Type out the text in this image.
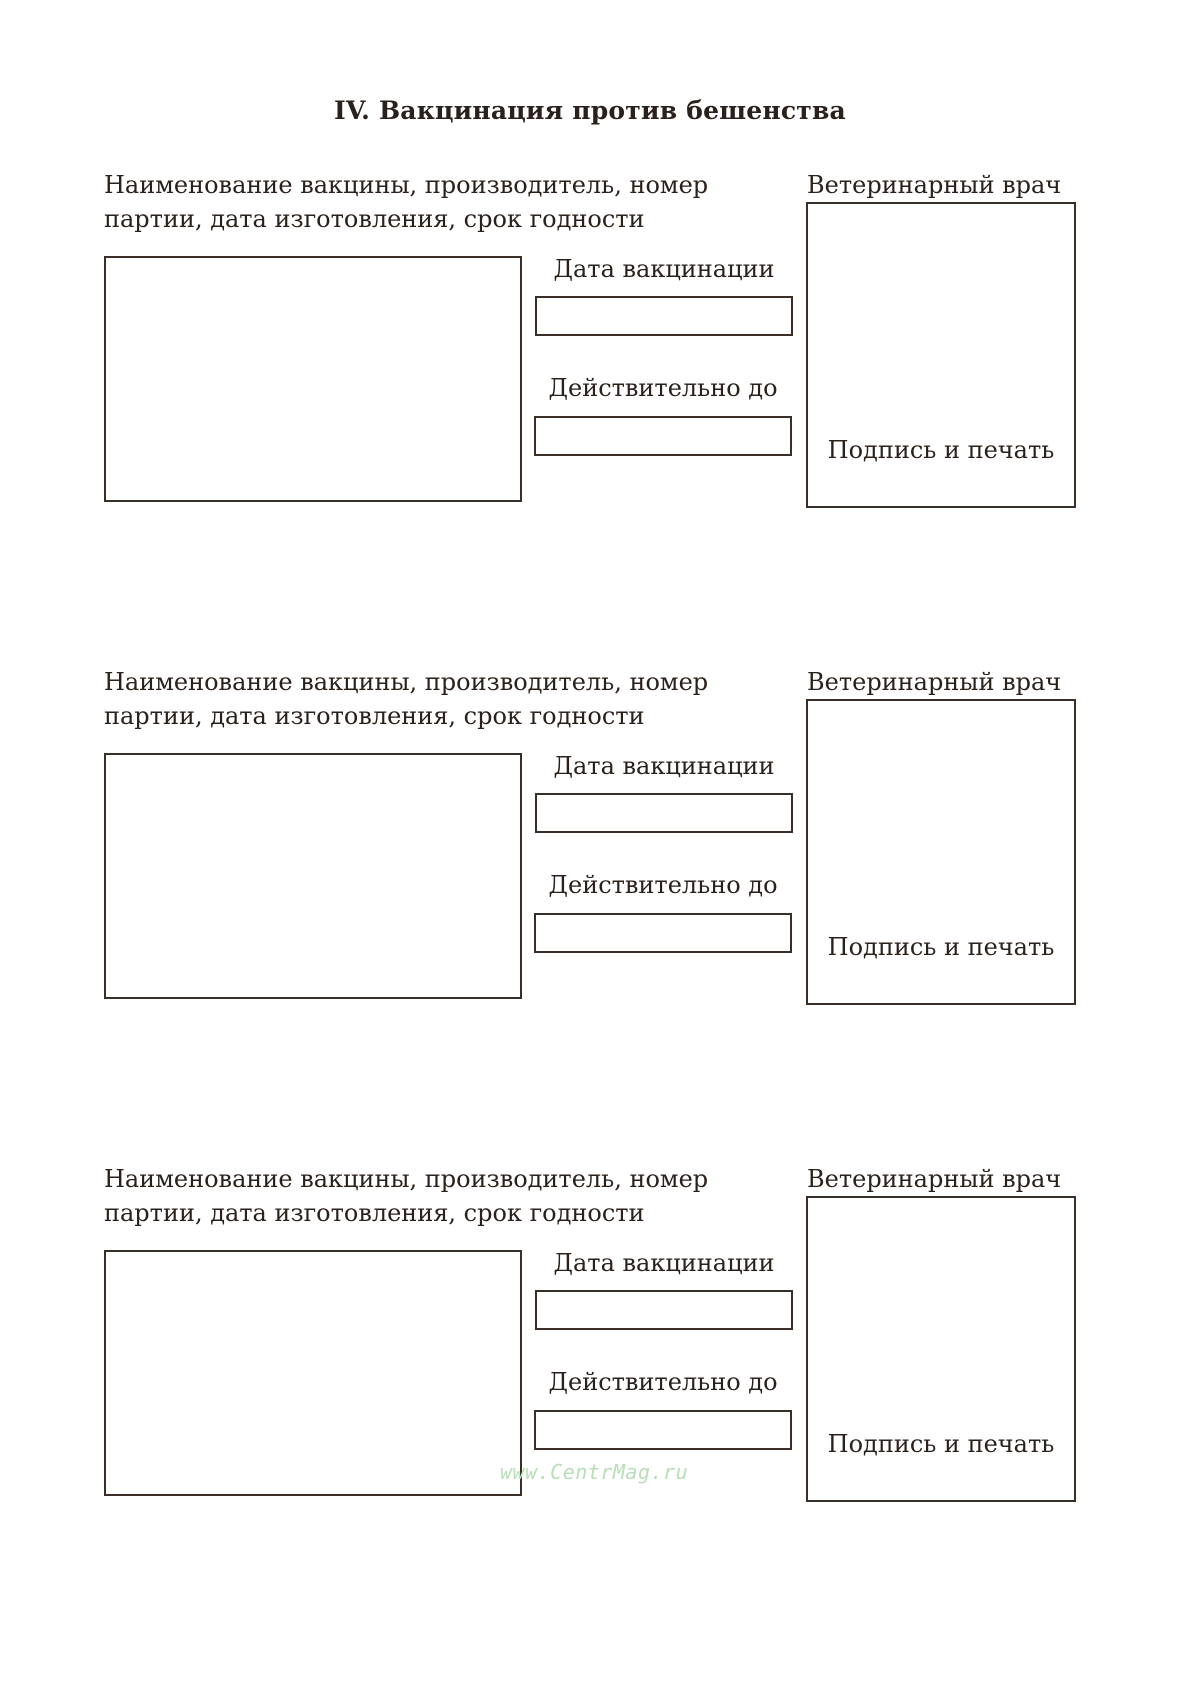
IV. Вакцинация против бешенства
Наименование вакцины, производитель, номер
партии, дата изготовления, срок годности
Ветеринарный врач
Дата вакцинации
Действительно до
Подпись и печать
Наименование вакцины, производитель, номер
партии, дата изготовления, срок годности
Ветеринарный врач
Дата вакцинации
Действительно до
Подпись и печать
Наименование вакцины, производитель, номер
партии, дата изготовления, срок годности
Ветеринарный врач
Дата вакцинации
Действительно до
Подпись и печать
www.CentrMag.ru
